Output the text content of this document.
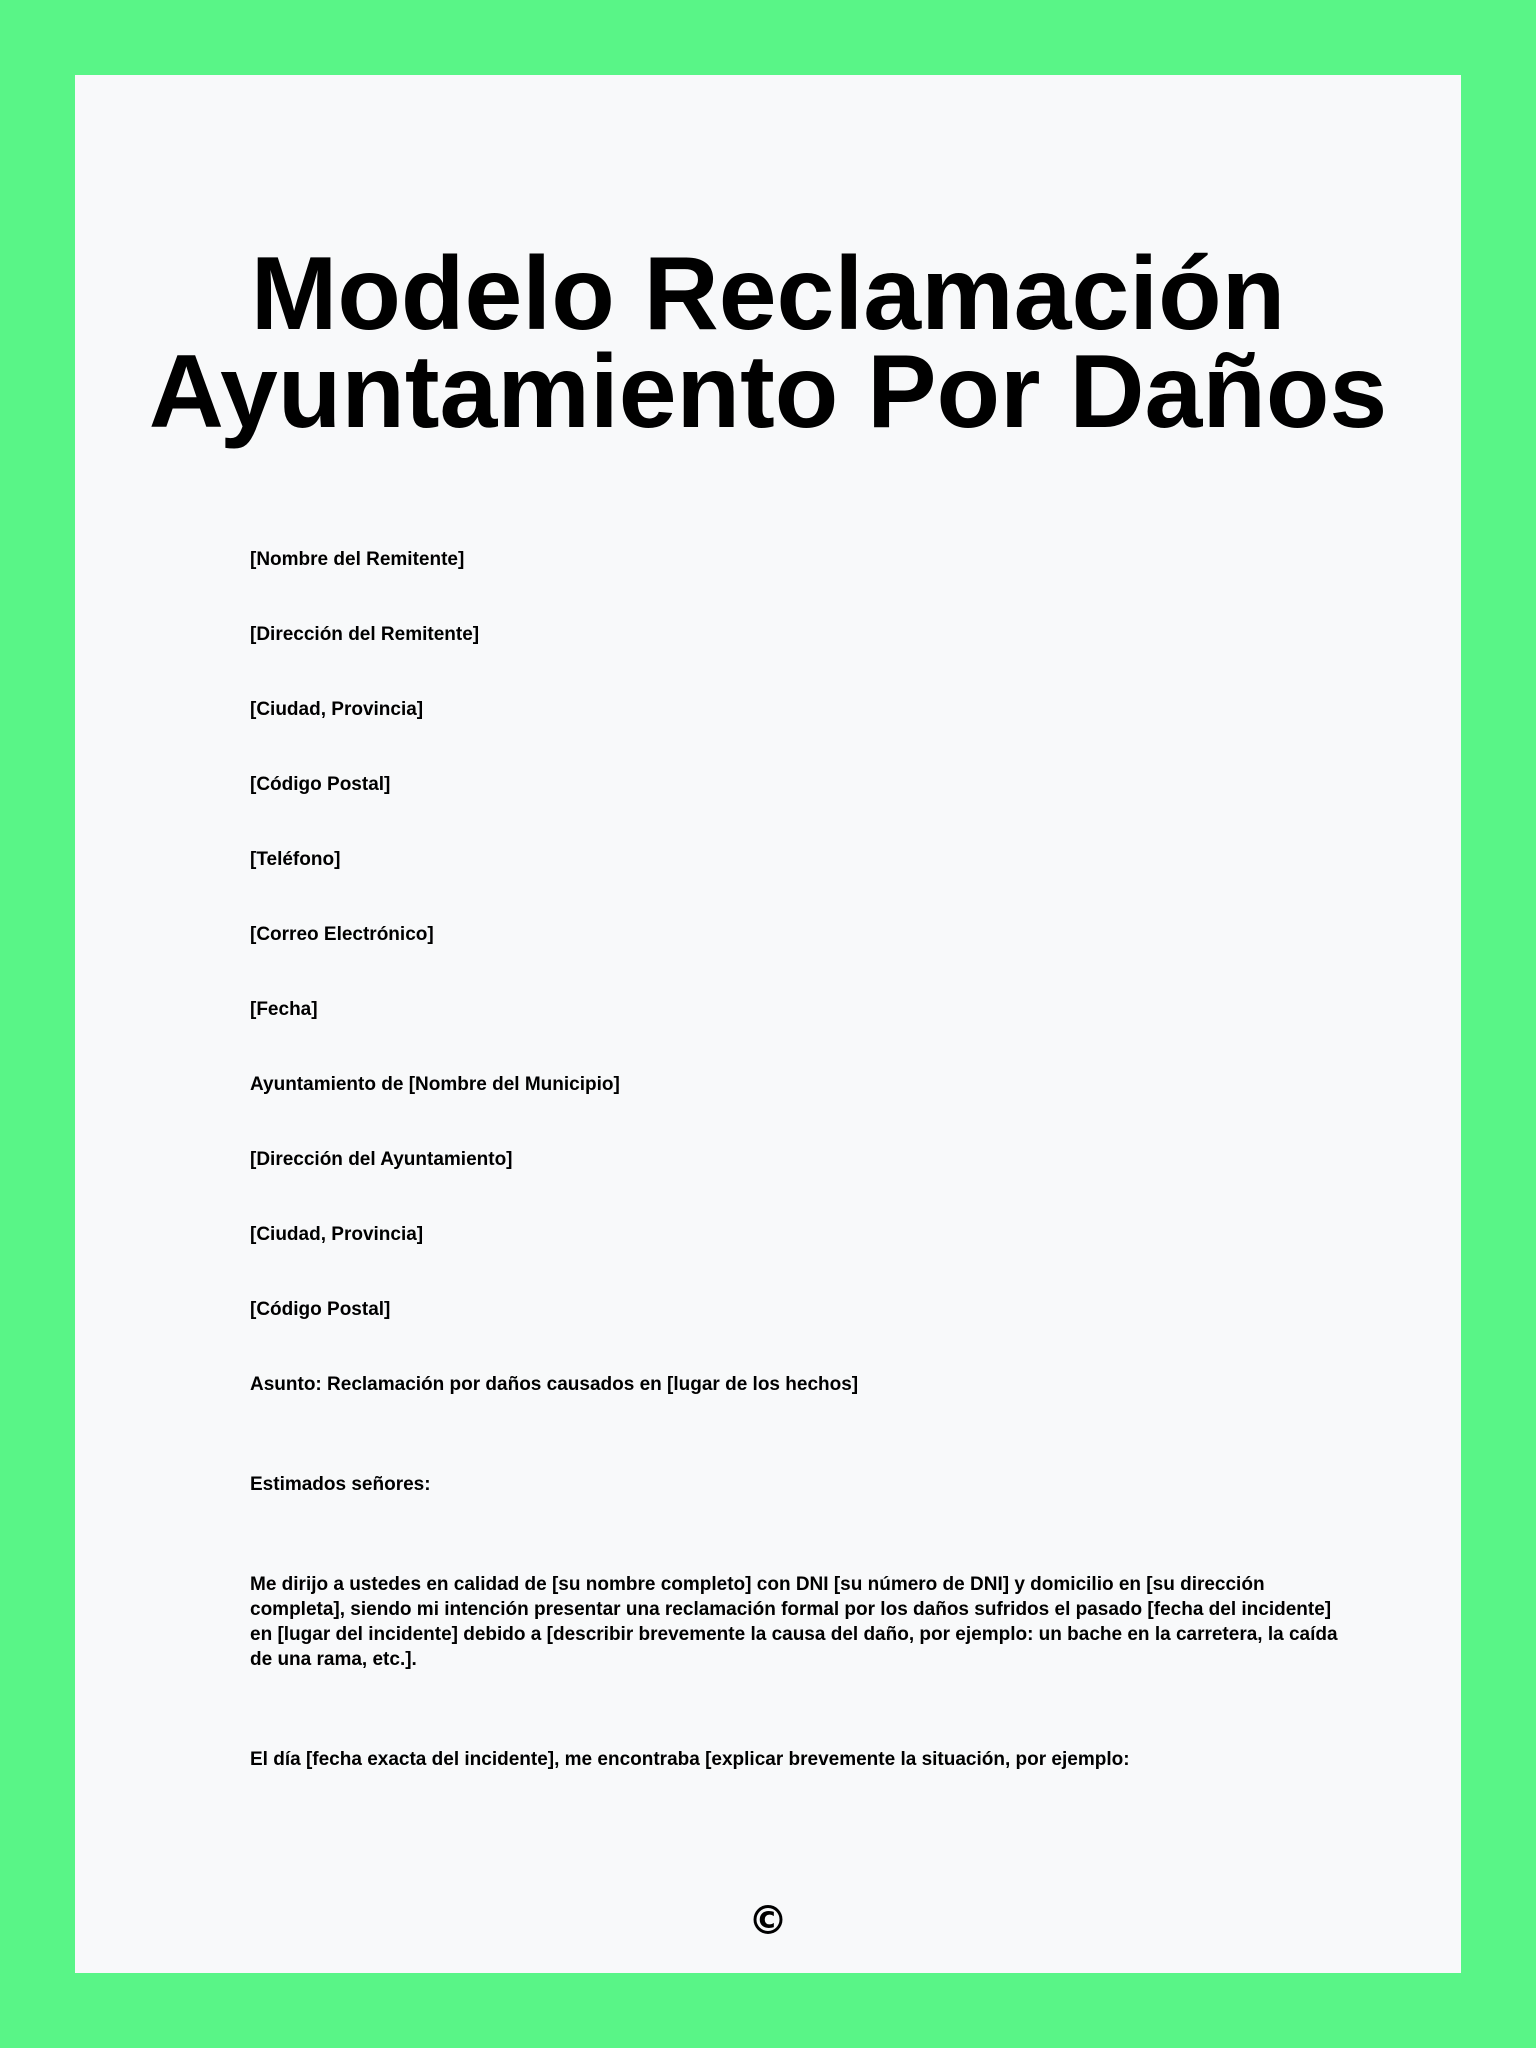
Modelo Reclamación
Ayuntamiento Por Daños

[Nombre del Remitente]

[Dirección del Remitente]

[Ciudad, Provincia]

[Código Postal]

[Teléfono]

[Correo Electrónico]

[Fecha]

Ayuntamiento de [Nombre del Municipio]

[Dirección del Ayuntamiento]

[Ciudad, Provincia]

[Código Postal]

Asunto: Reclamación por daños causados en [lugar de los hechos]

Estimados señores:

Me dirijo a ustedes en calidad de [su nombre completo] con DNI [su número de DNI] y domicilio en [su dirección completa], siendo mi intención presentar una reclamación formal por los daños sufridos el pasado [fecha del incidente] en [lugar del incidente] debido a [describir brevemente la causa del daño, por ejemplo: un bache en la carretera, la caída de una rama, etc.].

El día [fecha exacta del incidente], me encontraba [explicar brevemente la situación, por ejemplo:

©
